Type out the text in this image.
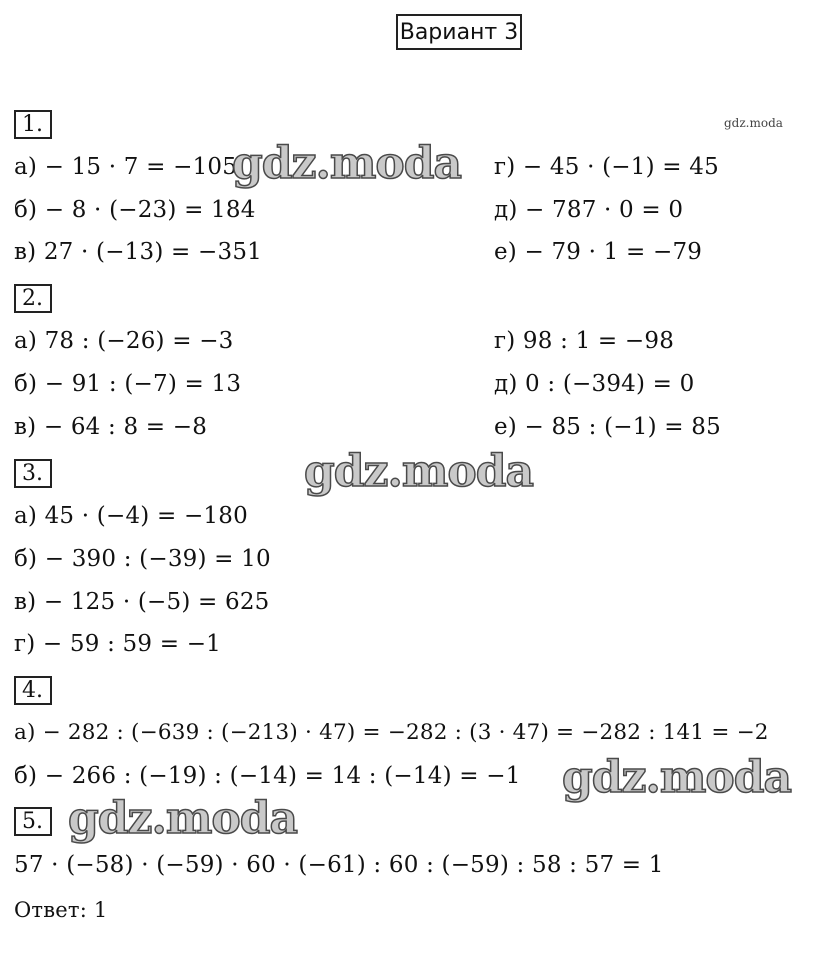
Вариант 3
gdz.moda
1.
а) − 15 · 7 = −105
б) − 8 · (−23) = 184
в) 27 · (−13) = −351
г) − 45 · (−1) = 45
д) − 787 · 0 = 0
е) − 79 · 1 = −79
2.
а) 78 : (−26) = −3
б) − 91 : (−7) = 13
в) − 64 : 8 = −8
г) 98 : 1 = −98
д) 0 : (−394) = 0
е) − 85 : (−1) = 85
3.
а) 45 · (−4) = −180
б) − 390 : (−39) = 10
в) − 125 · (−5) = 625
г) − 59 : 59 = −1
4.
а) − 282 : (−639 : (−213) · 47) = −282 : (3 · 47) = −282 : 141 = −2
б) − 266 : (−19) : (−14) = 14 : (−14) = −1
5.
57 · (−58) · (−59) · 60 · (−61) : 60 : (−59) : 58 : 57 = 1
Ответ: 1
gdz.moda
gdz.moda
gdz.moda
gdz.moda
